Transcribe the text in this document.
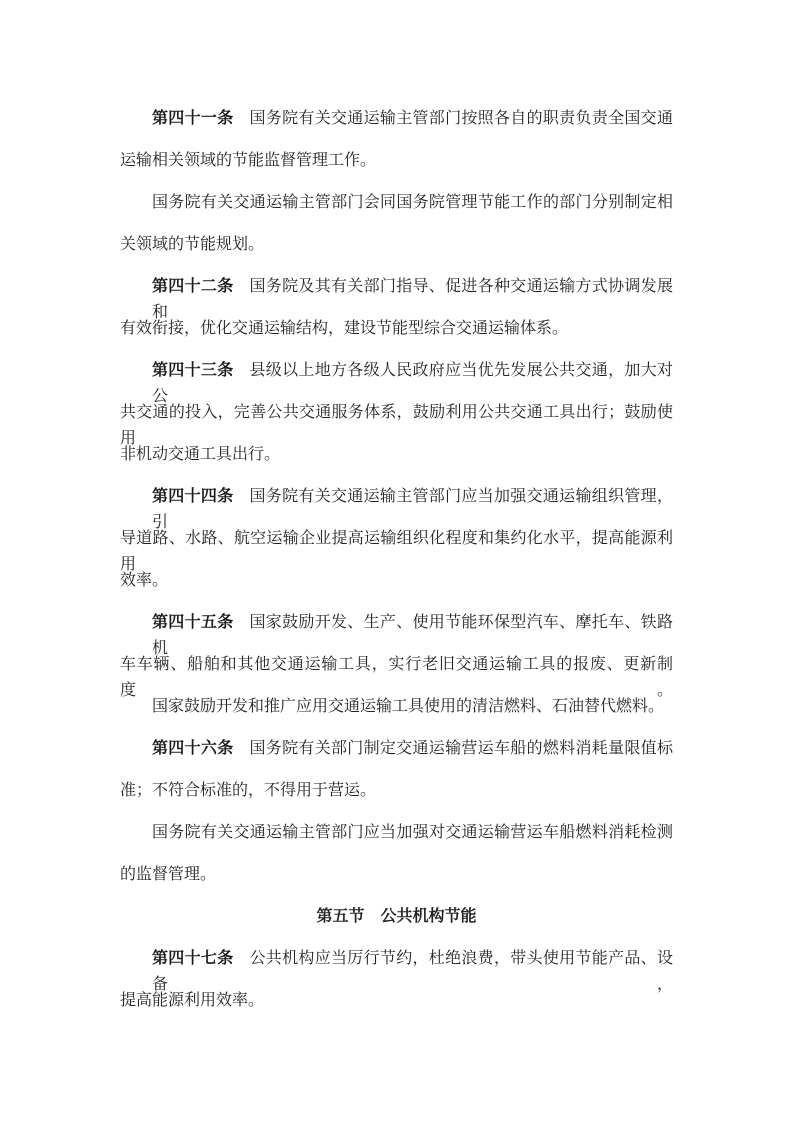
第四十一条 国务院有关交通运输主管部门按照各自的职责负责全国交通
运输相关领域的节能监督管理工作。
国务院有关交通运输主管部门会同国务院管理节能工作的部门分别制定相
关领域的节能规划。
第四十二条 国务院及其有关部门指导、促进各种交通运输方式协调发展和
有效衔接，优化交通运输结构，建设节能型综合交通运输体系。
第四十三条 县级以上地方各级人民政府应当优先发展公共交通，加大对公
共交通的投入，完善公共交通服务体系，鼓励利用公共交通工具出行；鼓励使用
非机动交通工具出行。
第四十四条 国务院有关交通运输主管部门应当加强交通运输组织管理，引
导道路、水路、航空运输企业提高运输组织化程度和集约化水平，提高能源利用
效率。
第四十五条 国家鼓励开发、生产、使用节能环保型汽车、摩托车、铁路机
车车辆、船舶和其他交通运输工具，实行老旧交通运输工具的报废、更新制度。
国家鼓励开发和推广应用交通运输工具使用的清洁燃料、石油替代燃料。
第四十六条 国务院有关部门制定交通运输营运车船的燃料消耗量限值标
准；不符合标准的，不得用于营运。
国务院有关交通运输主管部门应当加强对交通运输营运车船燃料消耗检测
的监督管理。
第五节 公共机构节能
第四十七条 公共机构应当厉行节约，杜绝浪费，带头使用节能产品、设备，
提高能源利用效率。
